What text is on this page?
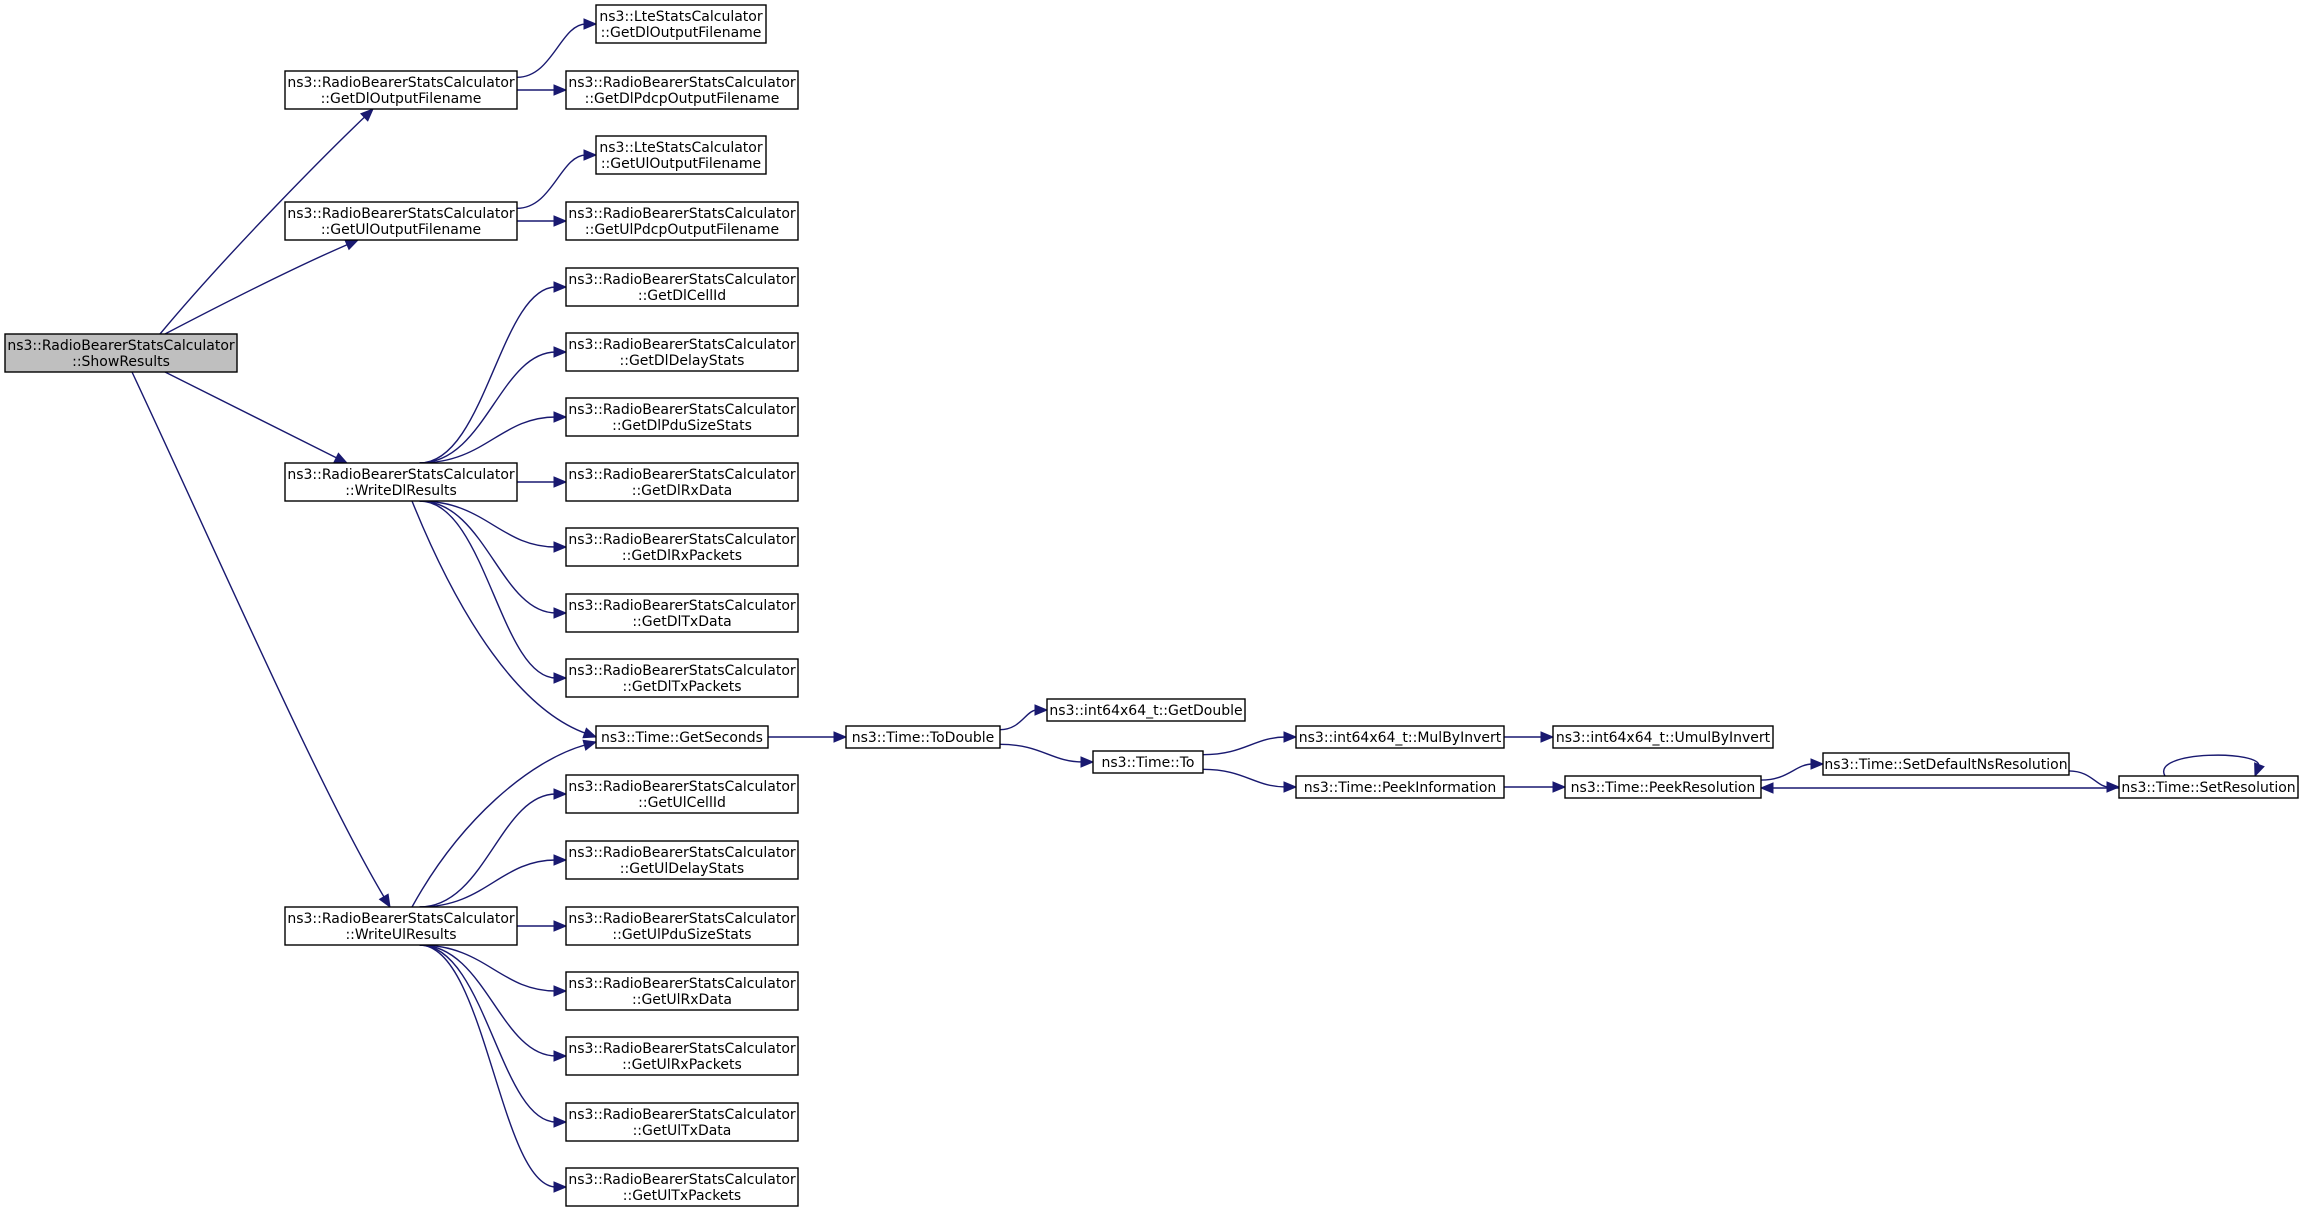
ns3::RadioBearerStatsCalculator
::ShowResults
ns3::RadioBearerStatsCalculator
::GetDlOutputFilename
ns3::RadioBearerStatsCalculator
::GetUlOutputFilename
ns3::RadioBearerStatsCalculator
::WriteDlResults
ns3::RadioBearerStatsCalculator
::WriteUlResults
ns3::LteStatsCalculator
::GetDlOutputFilename
ns3::RadioBearerStatsCalculator
::GetDlPdcpOutputFilename
ns3::LteStatsCalculator
::GetUlOutputFilename
ns3::RadioBearerStatsCalculator
::GetUlPdcpOutputFilename
ns3::RadioBearerStatsCalculator
::GetDlCellId
ns3::RadioBearerStatsCalculator
::GetDlDelayStats
ns3::RadioBearerStatsCalculator
::GetDlPduSizeStats
ns3::RadioBearerStatsCalculator
::GetDlRxData
ns3::RadioBearerStatsCalculator
::GetDlRxPackets
ns3::RadioBearerStatsCalculator
::GetDlTxData
ns3::RadioBearerStatsCalculator
::GetDlTxPackets
ns3::Time::GetSeconds
ns3::RadioBearerStatsCalculator
::GetUlCellId
ns3::RadioBearerStatsCalculator
::GetUlDelayStats
ns3::RadioBearerStatsCalculator
::GetUlPduSizeStats
ns3::RadioBearerStatsCalculator
::GetUlRxData
ns3::RadioBearerStatsCalculator
::GetUlRxPackets
ns3::RadioBearerStatsCalculator
::GetUlTxData
ns3::RadioBearerStatsCalculator
::GetUlTxPackets
ns3::Time::ToDouble
ns3::int64x64_t::GetDouble
ns3::Time::To
ns3::int64x64_t::MulByInvert	ns3::int64x64_t::UmulByInvert
ns3::Time::PeekInformation	ns3::Time::PeekResolution
ns3::Time::SetDefaultNsResolution
ns3::Time::SetResolution
